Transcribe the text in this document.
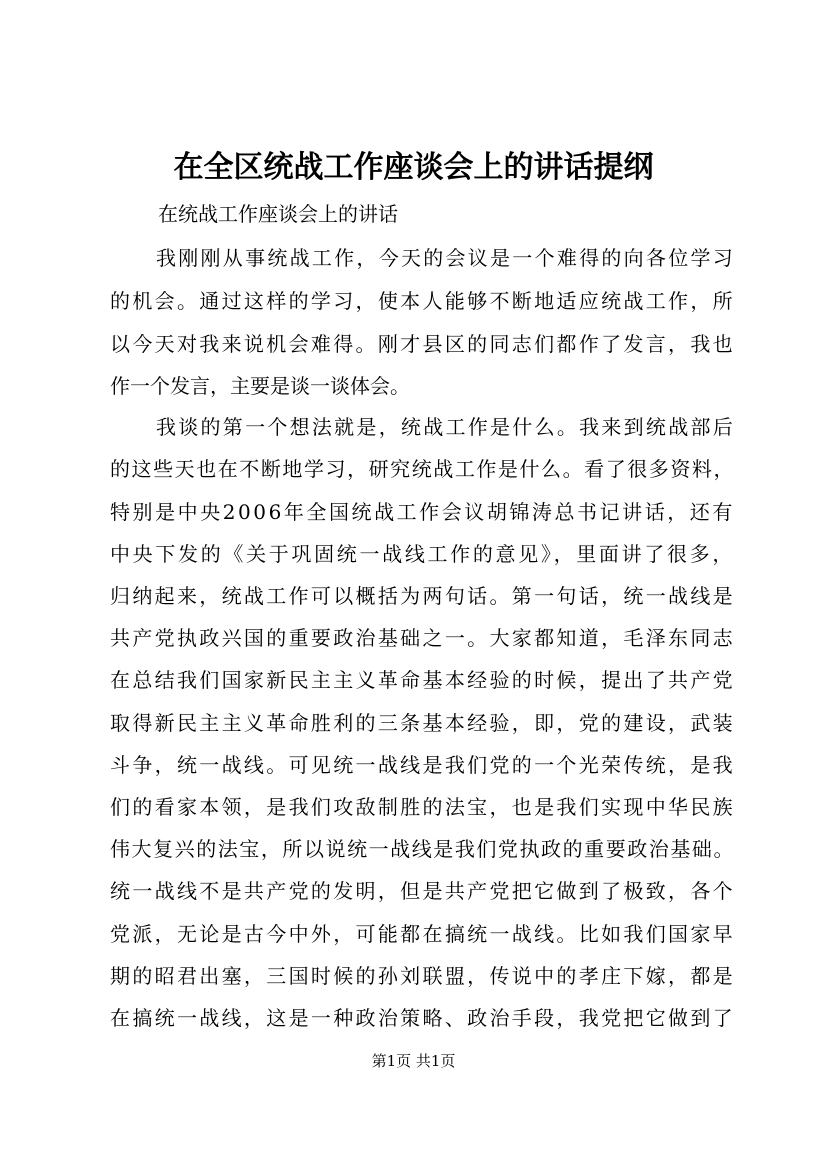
在全区统战工作座谈会上的讲话提纲
在统战工作座谈会上的讲话
我刚刚从事统战工作，今天的会议是一个难得的向各位学习
的机会。通过这样的学习，使本人能够不断地适应统战工作，所
以今天对我来说机会难得。刚才县区的同志们都作了发言，我也
作一个发言，主要是谈一谈体会。
我谈的第一个想法就是，统战工作是什么。我来到统战部后
的这些天也在不断地学习，研究统战工作是什么。看了很多资料，
特别是中央2006年全国统战工作会议胡锦涛总书记讲话，还有
中央下发的《关于巩固统一战线工作的意见》，里面讲了很多，
归纳起来，统战工作可以概括为两句话。第一句话，统一战线是
共产党执政兴国的重要政治基础之一。大家都知道，毛泽东同志
在总结我们国家新民主主义革命基本经验的时候，提出了共产党
取得新民主主义革命胜利的三条基本经验，即，党的建设，武装
斗争，统一战线。可见统一战线是我们党的一个光荣传统，是我
们的看家本领，是我们攻敌制胜的法宝，也是我们实现中华民族
伟大复兴的法宝，所以说统一战线是我们党执政的重要政治基础。
统一战线不是共产党的发明，但是共产党把它做到了极致，各个
党派，无论是古今中外，可能都在搞统一战线。比如我们国家早
期的昭君出塞，三国时候的孙刘联盟，传说中的孝庄下嫁，都是
在搞统一战线，这是一种政治策略、政治手段，我党把它做到了
第1页 共1页
